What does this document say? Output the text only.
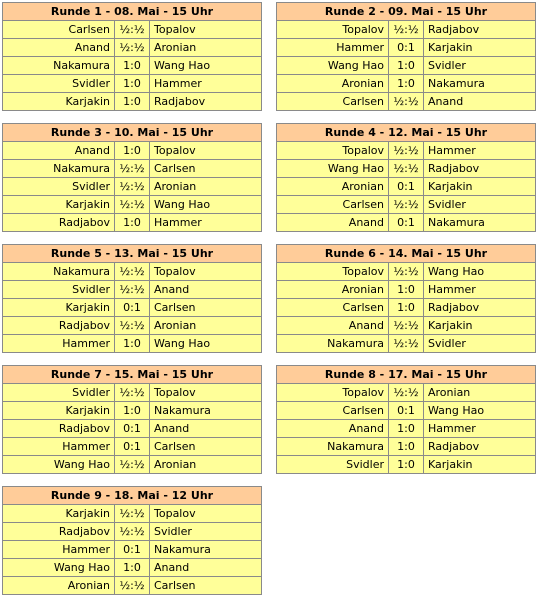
Runde 1 - 08. Mai - 15 Uhr
Carlsen ½:½ Topalov
Anand ½:½ Aronian
Nakamura	1:0	Wang Hao
Svidler	1:0	Hammer
Karjakin	1:0	Radjabov
Runde 2 - 09. Mai - 15 Uhr
Topalov ½:½ Radjabov
Hammer	0:1	Karjakin
Wang Hao	1:0	Svidler
Aronian	1:0	Nakamura
Carlsen ½:½ Anand
Runde 3 - 10. Mai - 15 Uhr
Anand	1:0	Topalov
Nakamura ½:½ Carlsen
Svidler ½:½ Aronian
Karjakin ½:½ Wang Hao
Radjabov	1:0	Hammer
Runde 4 - 12. Mai - 15 Uhr
Topalov ½:½ Hammer
Wang Hao ½:½ Radjabov
Aronian	0:1	Karjakin
Carlsen ½:½ Svidler
Anand	0:1	Nakamura
Runde 5 - 13. Mai - 15 Uhr
Nakamura ½:½ Topalov
Svidler ½:½ Anand
Karjakin	0:1	Carlsen
Radjabov ½:½ Aronian
Hammer	1:0	Wang Hao
Runde 6 - 14. Mai - 15 Uhr
Topalov ½:½ Wang Hao
Aronian	1:0	Hammer
Carlsen	1:0	Radjabov
Anand ½:½ Karjakin
Nakamura ½:½ Svidler
Runde 7 - 15. Mai - 15 Uhr
Svidler ½:½ Topalov
Karjakin	1:0	Nakamura
Radjabov	0:1	Anand
Hammer	0:1	Carlsen
Wang Hao ½:½ Aronian
Runde 8 - 17. Mai - 15 Uhr
Topalov ½:½ Aronian
Carlsen	0:1	Wang Hao
Anand	1:0	Hammer
Nakamura	1:0	Radjabov
Svidler	1:0	Karjakin
Runde 9 - 18. Mai - 12 Uhr
Karjakin ½:½ Topalov
Radjabov ½:½ Svidler
Hammer	0:1	Nakamura
Wang Hao	1:0	Anand
Aronian ½:½ Carlsen
